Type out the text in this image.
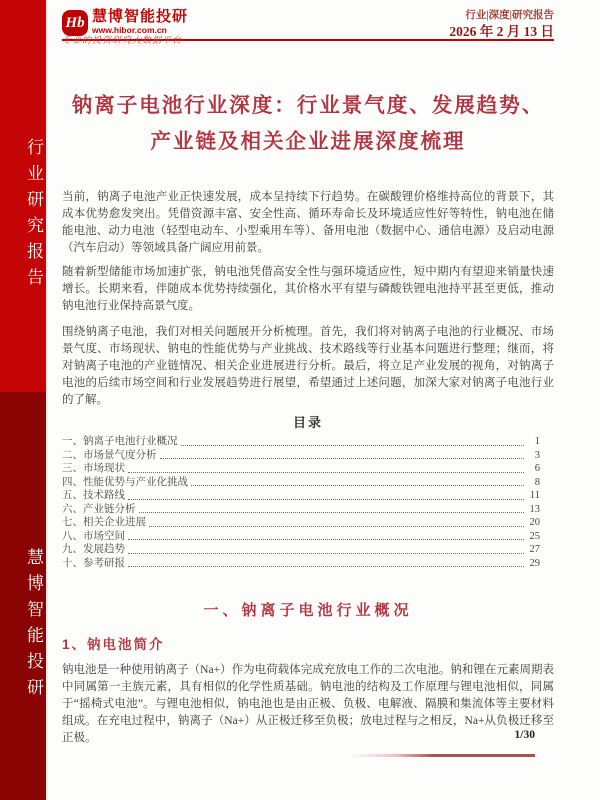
行业研究报告
慧博智能投研
Hb 慧博智能投研
www.hibor.com.cn
专业的投资研究大数据平台
行业|深度|研究报告
2026 年 2 月 13 日
钠离子电池行业深度：行业景气度、发展趋势、产业链及相关企业进展深度梳理

当前，钠离子电池产业正快速发展，成本呈持续下行趋势。在碳酸锂价格维持高位的背景下，其成本优势愈发突出。凭借资源丰富、安全性高、循环寿命长及环境适应性好等特性，钠电池在储能电池、动力电池（轻型电动车、小型乘用车等）、备用电池（数据中心、通信电源）及启动电源（汽车启动）等领域具备广阔应用前景。

随着新型储能市场加速扩张，钠电池凭借高安全性与强环境适应性，短中期内有望迎来销量快速增长。长期来看，伴随成本优势持续强化，其价格水平有望与磷酸铁锂电池持平甚至更低，推动钠电池行业保持高景气度。

围绕钠离子电池，我们对相关问题展开分析梳理。首先，我们将对钠离子电池的行业概况、市场景气度、市场现状、钠电的性能优势与产业挑战、技术路线等行业基本问题进行整理；继而，将对钠离子电池的产业链情况、相关企业进展进行分析。最后，将立足产业发展的视角，对钠离子电池的后续市场空间和行业发展趋势进行展望，希望通过上述问题，加深大家对钠离子电池行业的了解。

目录
一、钠离子电池行业概况	1
二、市场景气度分析	3
三、市场现状	6
四、性能优势与产业化挑战	8
五、技术路线	11
六、产业链分析	13
七、相关企业进展	20
八、市场空间	25
九、发展趋势	27
十、参考研报	29
一、钠离子电池行业概况
1、钠电池简介

钠电池是一种使用钠离子（Na+）作为电荷载体完成充放电工作的二次电池。钠和锂在元素周期表中同属第一主族元素，具有相似的化学性质基础。钠电池的结构及工作原理与锂电池相似，同属于“摇椅式电池”。与锂电池相似，钠电池也是由正极、负极、电解液、隔膜和集流体等主要材料组成。在充电过程中，钠离子（Na+）从正极迁移至负极；放电过程与之相反，Na+从负极迁移至正极。	1/30
